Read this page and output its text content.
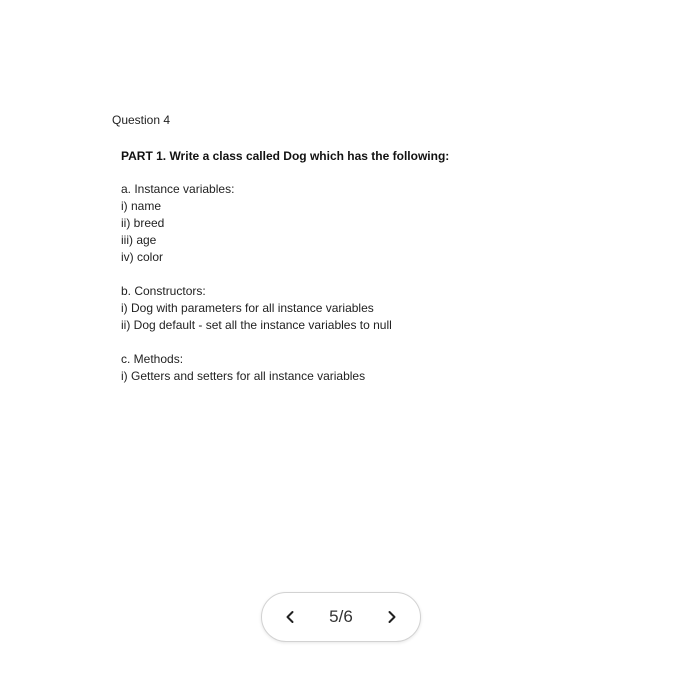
Question 4
PART 1. Write a class called Dog which has the following:
a. Instance variables:
i) name
ii) breed
iii) age
iv) color
b. Constructors:
i) Dog with parameters for all instance variables
ii) Dog default - set all the instance variables to null
c. Methods:
i) Getters and setters for all instance variables
5/6
